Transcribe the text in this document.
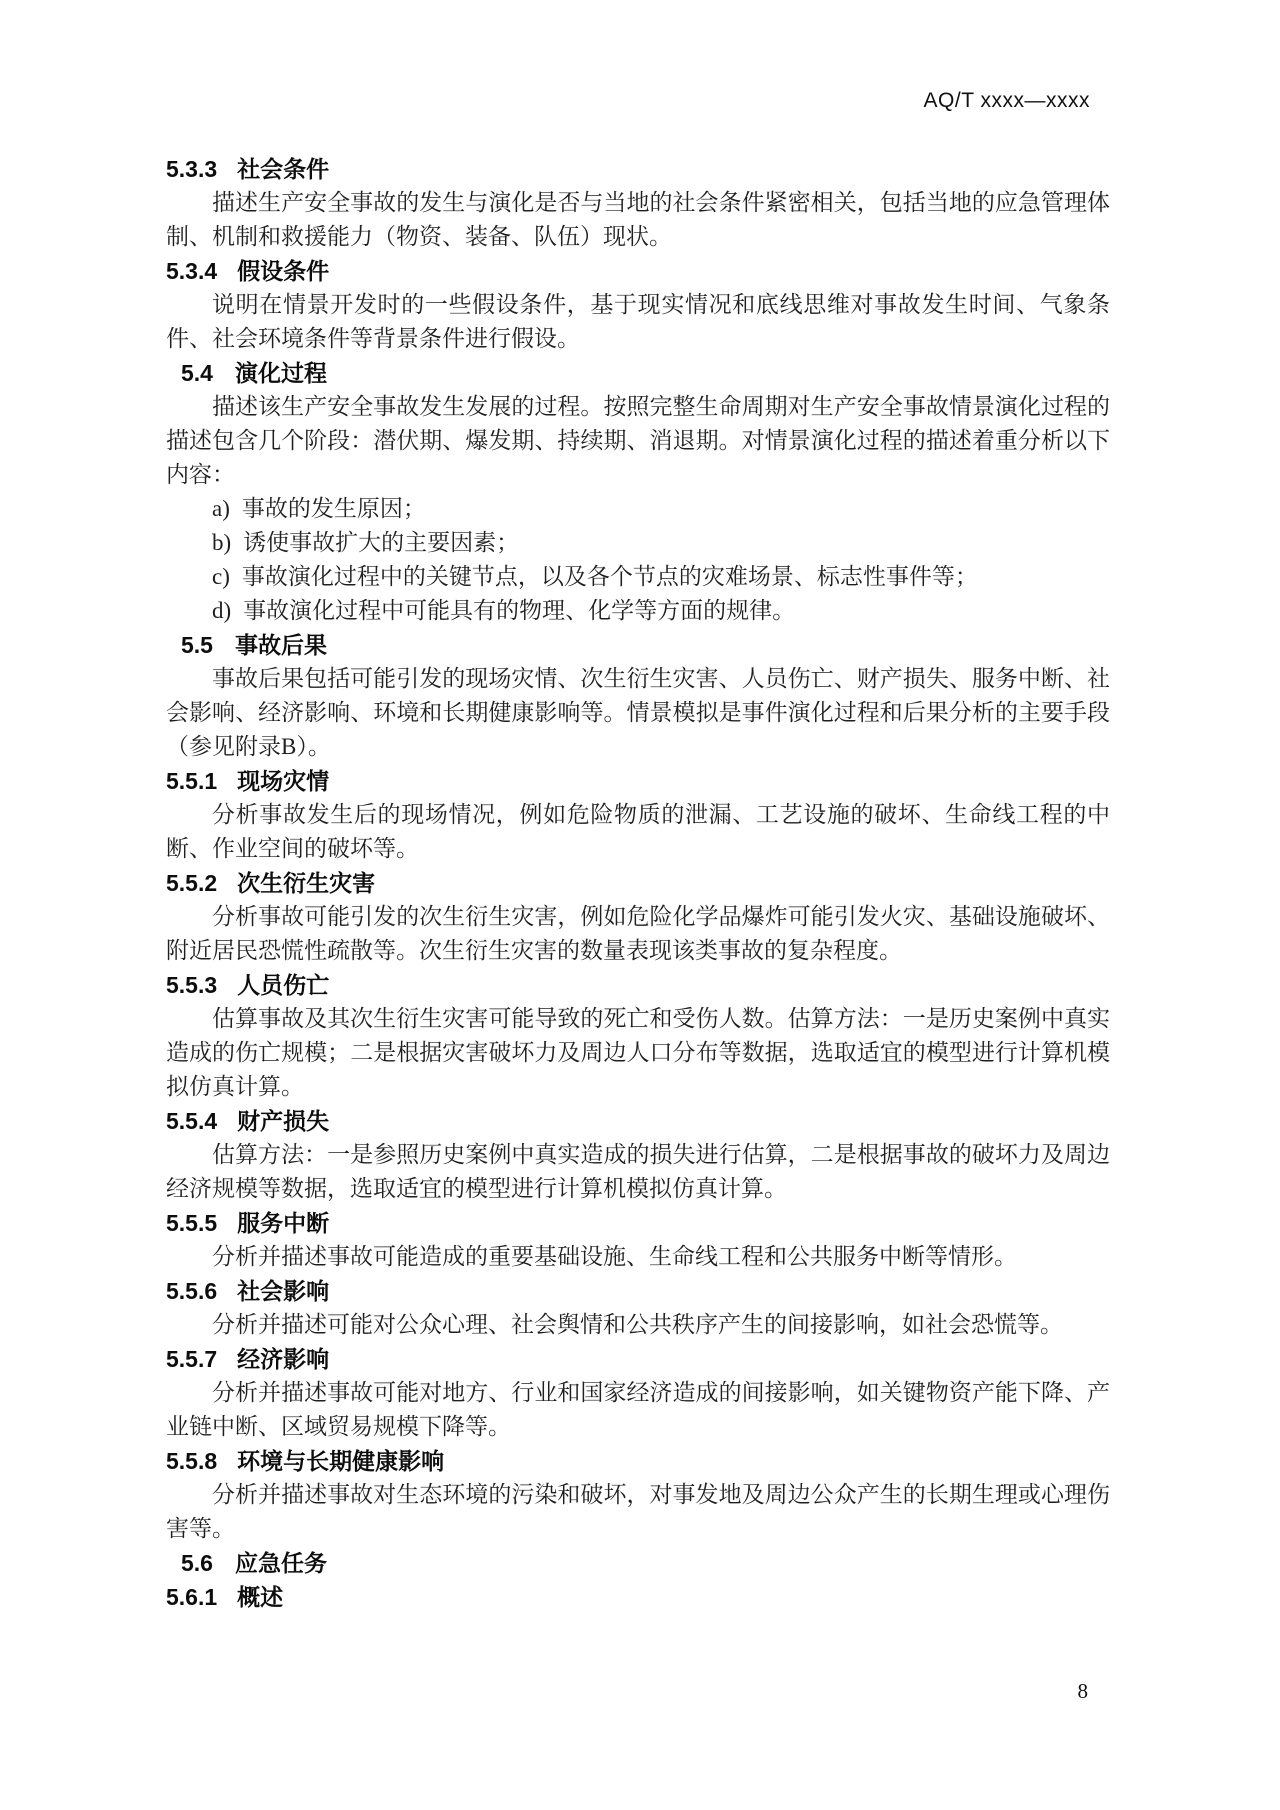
AQ/T xxxx—xxxx
5.3.3 社会条件

描述生产安全事故的发生与演化是否与当地的社会条件紧密相关，包括当地的应急管理体制、机制和救援能力（物资、装备、队伍）现状。

5.3.4 假设条件

说明在情景开发时的一些假设条件，基于现实情况和底线思维对事故发生时间、气象条件、社会环境条件等背景条件进行假设。

5.4 演化过程

描述该生产安全事故发生发展的过程。按照完整生命周期对生产安全事故情景演化过程的描述包含几个阶段：潜伏期、爆发期、持续期、消退期。对情景演化过程的描述着重分析以下内容：

a) 事故的发生原因；
b) 诱使事故扩大的主要因素；
c) 事故演化过程中的关键节点，以及各个节点的灾难场景、标志性事件等；
d) 事故演化过程中可能具有的物理、化学等方面的规律。
5.5 事故后果

事故后果包括可能引发的现场灾情、次生衍生灾害、人员伤亡、财产损失、服务中断、社会影响、经济影响、环境和长期健康影响等。情景模拟是事件演化过程和后果分析的主要手段（参见附录B）。

5.5.1 现场灾情

分析事故发生后的现场情况，例如危险物质的泄漏、工艺设施的破坏、生命线工程的中断、作业空间的破坏等。

5.5.2 次生衍生灾害

分析事故可能引发的次生衍生灾害，例如危险化学品爆炸可能引发火灾、基础设施破坏、附近居民恐慌性疏散等。次生衍生灾害的数量表现该类事故的复杂程度。

5.5.3 人员伤亡

估算事故及其次生衍生灾害可能导致的死亡和受伤人数。估算方法：一是历史案例中真实造成的伤亡规模；二是根据灾害破坏力及周边人口分布等数据，选取适宜的模型进行计算机模拟仿真计算。

5.5.4 财产损失

估算方法：一是参照历史案例中真实造成的损失进行估算，二是根据事故的破坏力及周边经济规模等数据，选取适宜的模型进行计算机模拟仿真计算。

5.5.5 服务中断

分析并描述事故可能造成的重要基础设施、生命线工程和公共服务中断等情形。

5.5.6 社会影响

分析并描述可能对公众心理、社会舆情和公共秩序产生的间接影响，如社会恐慌等。

5.5.7 经济影响

分析并描述事故可能对地方、行业和国家经济造成的间接影响，如关键物资产能下降、产业链中断、区域贸易规模下降等。

5.5.8 环境与长期健康影响

分析并描述事故对生态环境的污染和破坏，对事发地及周边公众产生的长期生理或心理伤害等。

5.6 应急任务
5.6.1 概述
8
